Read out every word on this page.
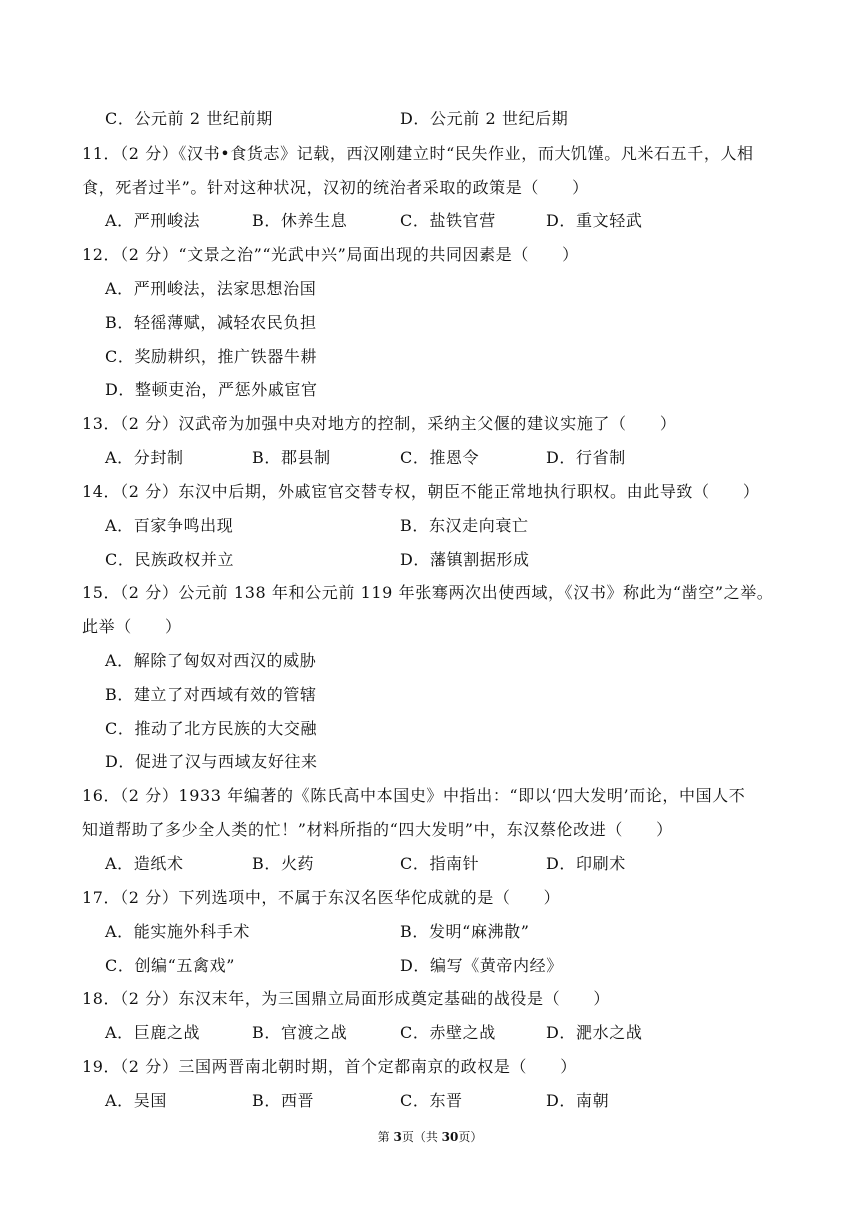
C．公元前 2 世纪前期	D．公元前 2 世纪后期
11．（2 分）《汉书•食货志》记载，西汉刚建立时“民失作业，而大饥馑。凡米石五千，人相
食，死者过半”。针对这种状况，汉初的统治者采取的政策是（　　）
A．严刑峻法	B．休养生息	C．盐铁官营	D．重文轻武
12．（2 分）“文景之治”“光武中兴”局面出现的共同因素是（　　）
A．严刑峻法，法家思想治国
B．轻徭薄赋，减轻农民负担
C．奖励耕织，推广铁器牛耕
D．整顿吏治，严惩外戚宦官
13．（2 分）汉武帝为加强中央对地方的控制，采纳主父偃的建议实施了（　　）
A．分封制	B．郡县制	C．推恩令	D．行省制
14．（2 分）东汉中后期，外戚宦官交替专权，朝臣不能正常地执行职权。由此导致（　　）
A．百家争鸣出现	B．东汉走向衰亡
C．民族政权并立	D．藩镇割据形成
15．（2 分）公元前 138 年和公元前 119 年张骞两次出使西域，《汉书》称此为“凿空”之举。
此举（　　）
A．解除了匈奴对西汉的威胁
B．建立了对西域有效的管辖
C．推动了北方民族的大交融
D．促进了汉与西域友好往来
16．（2 分）1933 年编著的《陈氏高中本国史》中指出：“即以‘四大发明’而论，中国人不
知道帮助了多少全人类的忙！”材料所指的“四大发明”中，东汉蔡伦改进（　　）
A．造纸术	B．火药	C．指南针	D．印刷术
17．（2 分）下列选项中，不属于东汉名医华佗成就的是（　　）
A．能实施外科手术	B．发明“麻沸散”
C．创编“五禽戏”	D．编写《黄帝内经》
18．（2 分）东汉末年，为三国鼎立局面形成奠定基础的战役是（　　）
A．巨鹿之战	B．官渡之战	C．赤壁之战	D．淝水之战
19．（2 分）三国两晋南北朝时期，首个定都南京的政权是（　　）
A．吴国	B．西晋	C．东晋	D．南朝
第 3页（共 30页）
